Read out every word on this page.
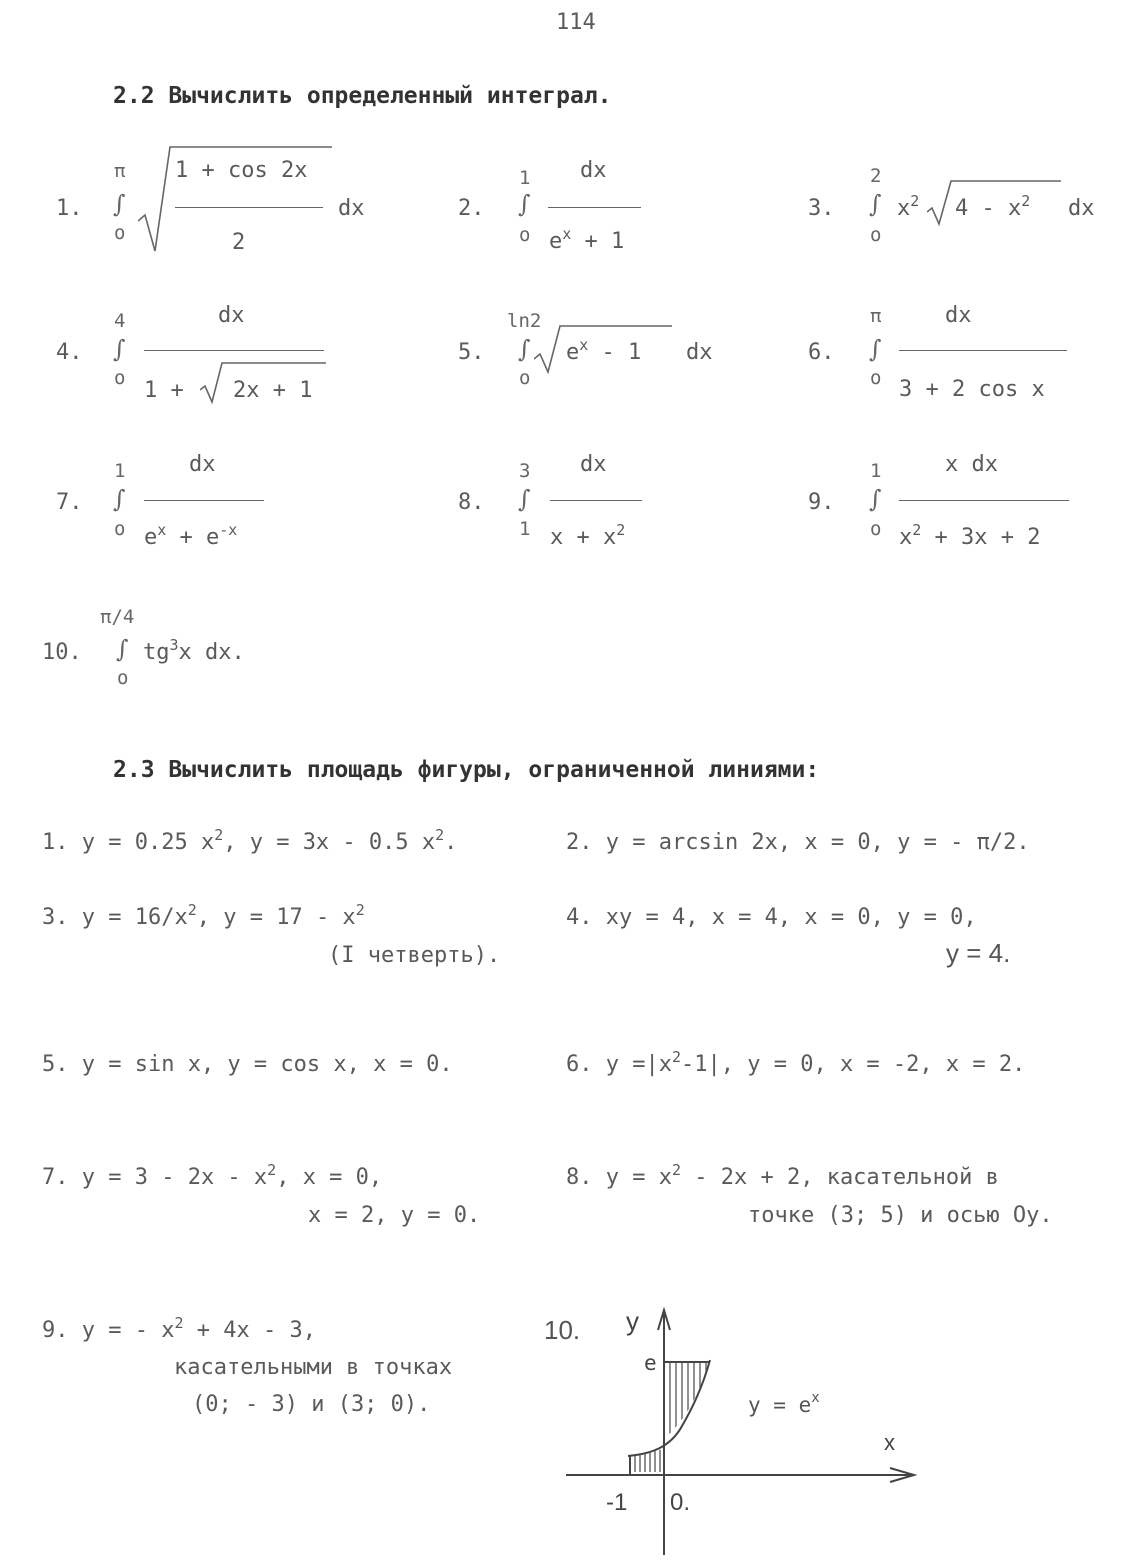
114
2.2 Вычислить определенный интеграл.
1.
π
∫
о
1 + cos 2x
2
dx	2.
1
∫
о
dx
$e^x + 1$
3.
2
∫
о
$x^2$ $4 - x^2$ dx
4.
4
∫
о
dx
1 + 2x + 1
5.
ln2
∫
о
$e^x - 1$ dx	6.
π
∫
о
dx
3 + 2 cos x
7.
1
∫
о
dx
$e^x + e^{-x}$
8.
3
∫
1
dx
$x + x^2$
9.
1
∫
о
x dx
$x^2 + 3x + 2$
10.
π/4
∫
о
$tg^3x$ dx.
2.3 Вычислить площадь фигуры, ограниченной линиями:
1. y = 0.25 $x^2$, y = 3x - 0.5 $x^2$.	2. y = arcsin 2x, x = 0, y = - π/2.
3. $y = 16/x^2$, $y = 17 - x^2$
(I четверть).
4. xy = 4, x = 4, x = 0, y = 0,
y = 4.
5. y = sin x, y = cos x, x = 0.	6. $y =|x^2-1|$, y = 0, x = -2, x = 2.
7. $y = 3 - 2x - x^2$, x = 0,
x = 2, y = 0.
8. $y = x^2 - 2x + 2$, касательной в
точке (3; 5) и осью Оy.
9. y = - $x^2 + 4x - 3$,
касательными в точках
(0; - 3) и (3; 0).
10. y
x
e
$y = e^x$
-1 0.
